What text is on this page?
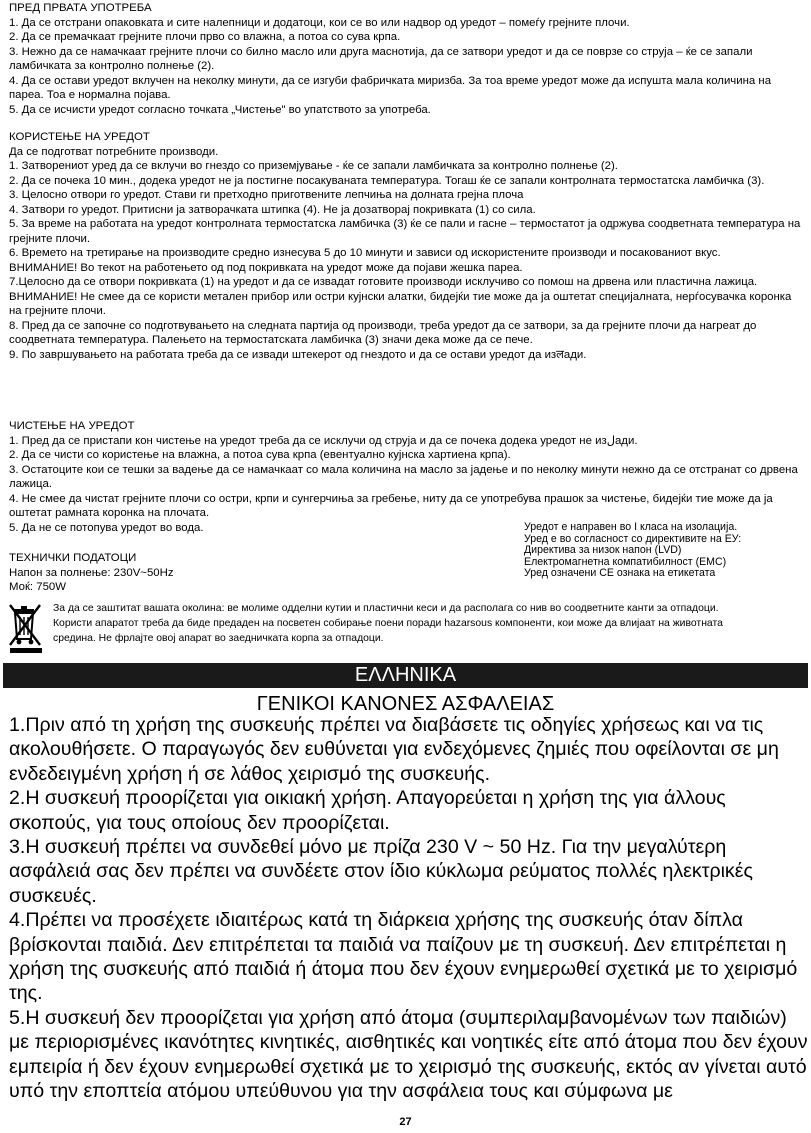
ПРЕД ПРВАТА УПОТРЕБА

1. Да се отстрани опаковката и сите налепници и додатоци, кои се во или надвор од уредот – помеѓу грејните плочи.

2. Да се премачкаат грејните плочи прво со влажна, а потоа со сува крпа.

3. Нежно да се намачкаат грејните плочи со билно масло или друга маснотија, да се затвори уредот и да се поврзе со струја – ќе се запали ламбичката за контролно полнење (2).

4. Да се остави уредот вклучен на неколку минути, да се изгуби фабричката миризба. За тоа време уредот може да испушта мала количина на пареа. Тоа е нормална појава.

5. Да се исчисти уредот согласно точката „Чистење" во упатството за употреба.

КОРИСТЕЊЕ НА УРЕДОТ

Да се подготват потребните производи.

1. Затворениот уред да се вклучи во гнездо со приземјување - ќе се запали ламбичката за контролно полнење (2).

2. Да се почека 10 мин., додека уредот не ја постигне посакуваната температура. Тогаш ќе се запали контролната термостатска ламбичка (3).

3. Целосно отвори го уредот. Стави ги претходно приготвените лепчиња на долната грејна плоча

4. Затвори го уредот. Притисни ја затворачката штипка (4). Не ја дозатворај покривката (1) со сила.

5. За време на работата на уредот контролната термостатска ламбичка (3) ќе се пали и гасне – термостатот ја одржува соодветната температура на грејните плочи.

6. Времето на третирање на производите средно изнесува 5 до 10 минути и зависи од искористените производи и посакованиот вкус.

ВНИМАНИЕ! Во текот на работењето од под покривката на уредот може да појави жешка пареа.

7.Целосно да се отвори покривката (1) на уредот и да се извадат готовите производи исклучиво со помош на дрвена или пластична лажица.

ВНИМАНИЕ! Не смее да се користи метален прибор или остри кујнски алатки, бидејќи тие може да ја оштетат специјалната, нерѓосувачка коронка на грејните плочи.

8. Пред да се започне со подготвувањето на следната партија од производи, треба уредот да се затвори, за да грејните плочи да нагреат до соодветната температура. Палењето на термостатската ламбичка (3) значи дека може да се пече.

9. По завршувањето на работата треба да се извади штекерот од гнездото и да се остави уредот да изलади.

ЧИСТЕЊЕ НА УРЕДОТ

1. Пред да се пристапи кон чистење на уредот треба да се исклучи од струја и да се почека додека уредот не изلади.

2. Да се чисти со користење на влажна, а потоа сува крпа (евентуално кујнска хартиена крпа).

3. Остатоците кои се тешки за вадење да се намачкаат со мала количина на масло за јадење и по неколку минути нежно да се отстранат со дрвена лажица.

4. Не смее да чистат грејните плочи со остри, крпи и сунгерчиња за гребење, ниту да се употребува прашок за чистење, бидејќи тие може да ја оштетат рамната коронка на плочата.

5. Да не се потопува уредот во вода.	Уредот е направен во I класа на изолација.

Уред е во согласност со директивите на ЕУ:

Директива за низок напон (LVD)

Електромагнетна компатибилност (EMC)

Уред означени CE ознака на етикетата

ТЕХНИЧКИ ПОДАТОЦИ

Напон за полнење: 230V~50Hz

Моќ: 750W

За да се заштитат вашата околина: ве молиме одделни кутии и пластични кеси и да располага со нив во соодветните канти за отпадоци.

Користи апаратот треба да биде предаден на посветен собирање поени поради hazarsous компоненти, кои може да влијаат на животната

средина. Не фрлајте овој апарат во заедничката корпа за отпадоци.

ΕΛΛΗΝΙΚΑ
ΓΕΝΙΚΟΙ ΚΑΝΟΝΕΣ ΑΣΦΑΛΕΙΑΣ

1.Πριν από τη χρήση της συσκευής πρέπει να διαβάσετε τις οδηγίες χρήσεως και να τις ακολουθήσετε. Ο παραγωγός δεν ευθύνεται για ενδεχόμενες ζημιές που οφείλονται σε μη ενδεδειγμένη χρήση ή σε λάθος χειρισμό της συσκευής.

2.Η συσκευή προορίζεται για οικιακή χρήση. Απαγορεύεται η χρήση της για άλλους σκοπούς, για τους οποίους δεν προορίζεται.

3.Η συσκευή πρέπει να συνδεθεί μόνο με πρίζα 230 V ~ 50 Hz. Για την μεγαλύτερη ασφάλειά σας δεν πρέπει να συνδέετε στον ίδιο κύκλωμα ρεύματος πολλές ηλεκτρικές συσκευές.

4.Πρέπει να προσέχετε ιδιαιτέρως κατά τη διάρκεια χρήσης της συσκευής όταν δίπλα βρίσκονται παιδιά. Δεν επιτρέπεται τα παιδιά να παίζουν με τη συσκευή. Δεν επιτρέπεται η χρήση της συσκευής από παιδιά ή άτομα που δεν έχουν ενημερωθεί σχετικά με το χειρισμό της.

5.Η συσκευή δεν προορίζεται για χρήση από άτομα (συμπεριλαμβανομένων των παιδιών) με περιορισμένες ικανότητες κινητικές, αισθητικές και νοητικές είτε από άτομα που δεν έχουν εμπειρία ή δεν έχουν ενημερωθεί σχετικά με το χειρισμό της συσκευής, εκτός αν γίνεται αυτό υπό την εποπτεία ατόμου υπεύθυνου για την ασφάλεια τους και σύμφωνα με

27
